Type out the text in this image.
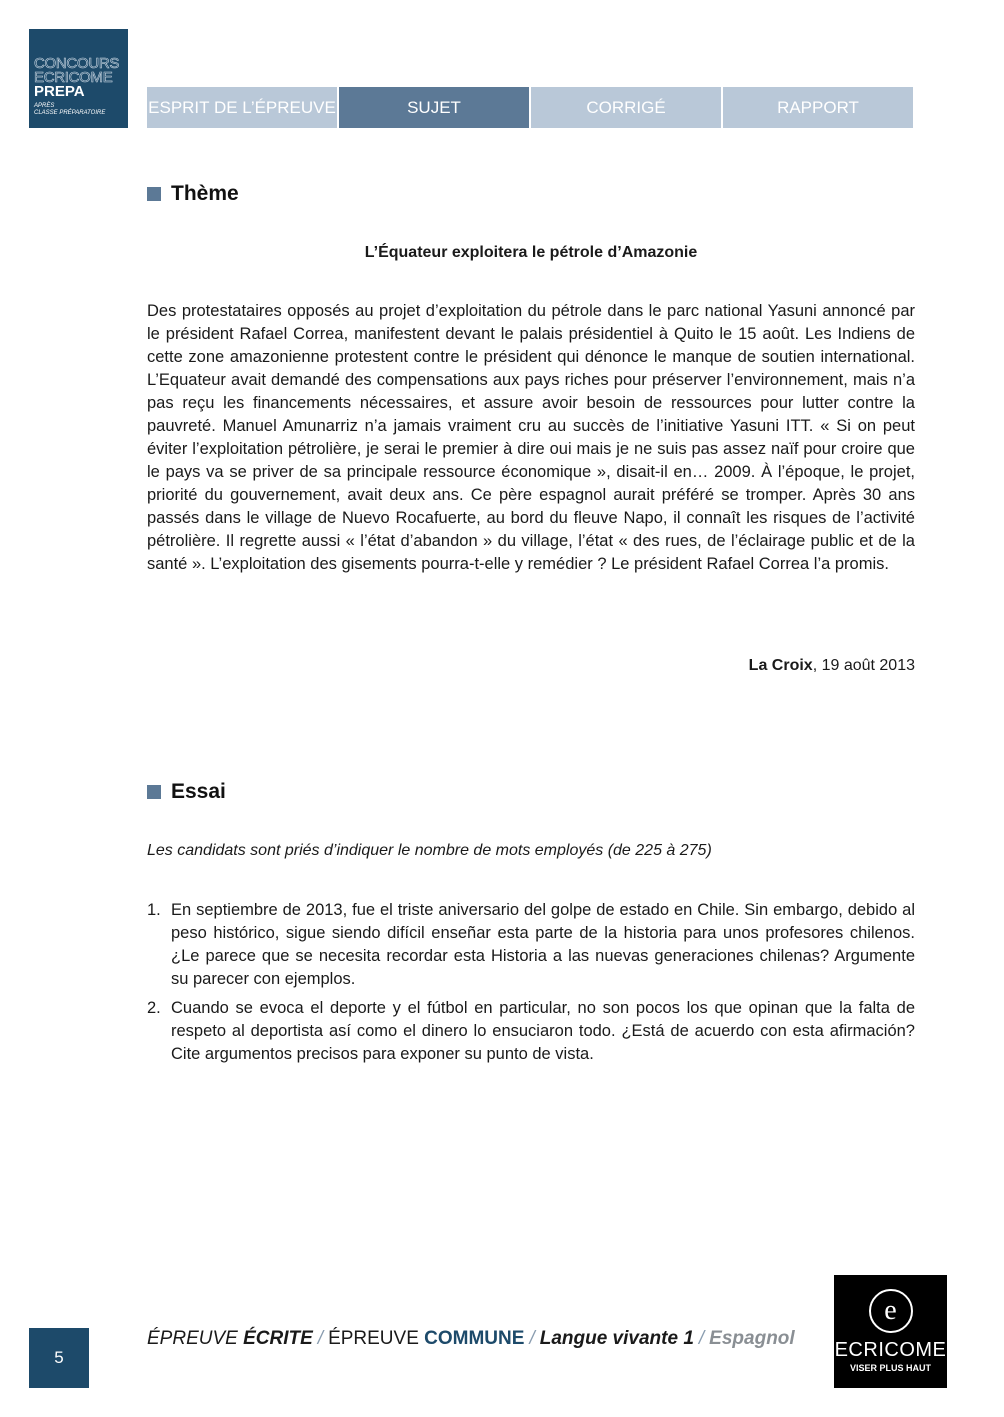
CONCOURS
ECRICOME
PREPA
APRÈS
CLASSE PRÉPARATOIRE	ESPRIT DE L’ÉPREUVE	SUJET	CORRIGÉ	RAPPORT
Thème
L’Équateur exploitera le pétrole d’Amazonie

Des protestataires opposés au projet d’exploitation du pétrole dans le parc national Yasuni annoncé par le président Rafael Correa, manifestent devant le palais présidentiel à Quito le 15 août. Les Indiens de cette zone amazonienne protestent contre le président qui dénonce le manque de soutien international. L’Equateur avait demandé des compensations aux pays riches pour préserver l’environnement, mais n’a pas reçu les financements nécessaires, et assure avoir besoin de ressources pour lutter contre la pauvreté. Manuel Amunarriz n’a jamais vraiment cru au succès de l’initiative Yasuni ITT. « Si on peut éviter l’exploitation pétrolière, je serai le premier à dire oui mais je ne suis pas assez naïf pour croire que le pays va se priver de sa principale ressource économique », disait-il en… 2009. À l’époque, le projet, priorité du gouvernement, avait deux ans. Ce père espagnol aurait préféré se tromper. Après 30 ans passés dans le village de Nuevo Rocafuerte, au bord du fleuve Napo, il connaît les risques de l’activité pétrolière. Il regrette aussi « l’état d’abandon » du village, l’état « des rues, de l’éclairage public et de la santé ». L’exploitation des gisements pourra-t-elle y remédier ? Le président Rafael Correa l’a promis.

La Croix, 19 août 2013
Essai
Les candidats sont priés d’indiquer le nombre de mots employés (de 225 à 275)
1. En septiembre de 2013, fue el triste aniversario del golpe de estado en Chile. Sin embargo, debido al peso histórico, sigue siendo difícil enseñar esta parte de la historia para unos profesores chilenos. ¿Le parece que se necesita recordar esta Historia a las nuevas generaciones chilenas? Argumente su parecer con ejemplos.
2. Cuando se evoca el deporte y el fútbol en particular, no son pocos los que opinan que la falta de respeto al deportista así como el dinero lo ensuciaron todo. ¿Está de acuerdo con esta afirmación? Cite argumentos precisos para exponer su punto de vista.
5
ÉPREUVE ÉCRITE / ÉPREUVE COMMUNE / Langue vivante 1 / Espagnol
e
ECRICOME
VISER PLUS HAUT
